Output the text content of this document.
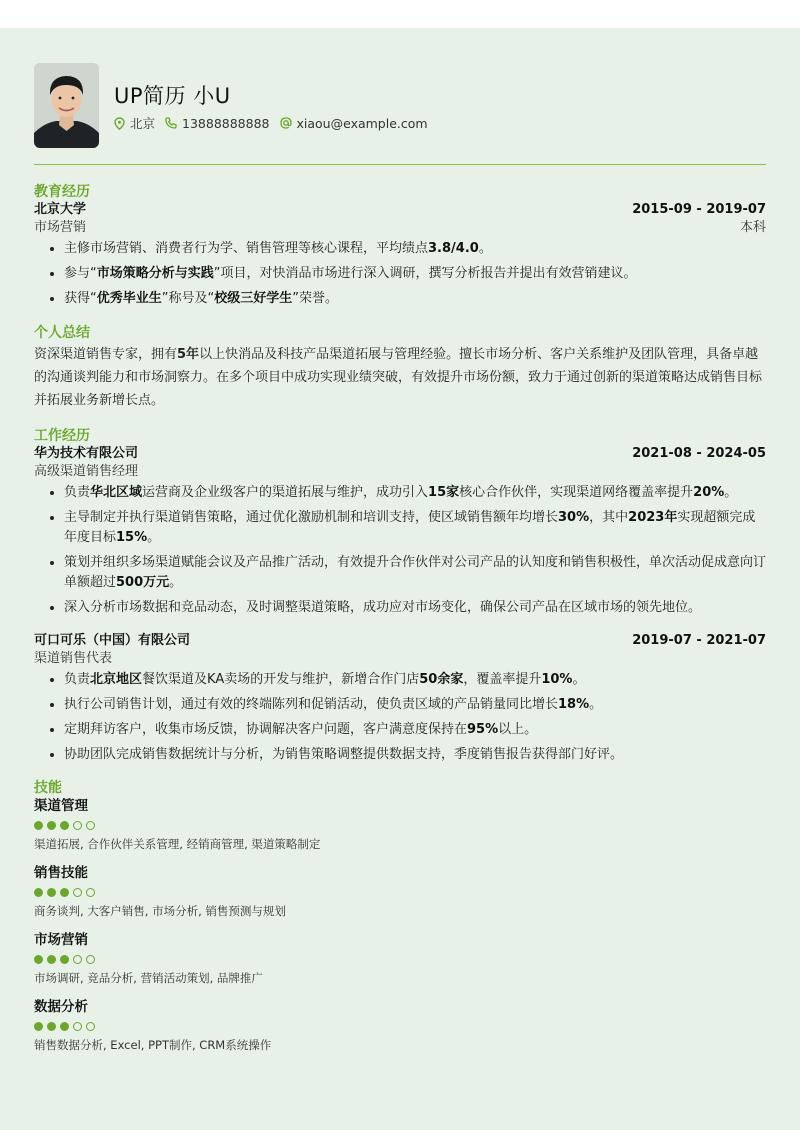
UP简历 小U
北京 13888888888 xiaou@example.com
教育经历
北京大学	2015-09 - 2019-07
市场营销	本科
• 主修市场营销、消费者行为学、销售管理等核心课程，平均绩点3.8/4.0。
• 参与“市场策略分析与实践”项目，对快消品市场进行深入调研，撰写分析报告并提出有效营销建议。
• 获得“优秀毕业生”称号及“校级三好学生”荣誉。
个人总结

资深渠道销售专家，拥有5年以上快消品及科技产品渠道拓展与管理经验。擅长市场分析、客户关系维护及团队管理，具备卓越的沟通谈判能力和市场洞察力。在多个项目中成功实现业绩突破，有效提升市场份额，致力于通过创新的渠道策略达成销售目标并拓展业务新增长点。

工作经历
华为技术有限公司	2021-08 - 2024-05
高级渠道销售经理
• 负责华北区域运营商及企业级客户的渠道拓展与维护，成功引入15家核心合作伙伴，实现渠道网络覆盖率提升20%。
• 主导制定并执行渠道销售策略，通过优化激励机制和培训支持，使区域销售额年均增长30%，其中2023年实现超额完成年度目标15%。
• 策划并组织多场渠道赋能会议及产品推广活动，有效提升合作伙伴对公司产品的认知度和销售积极性，单次活动促成意向订单额超过500万元。
• 深入分析市场数据和竞品动态，及时调整渠道策略，成功应对市场变化，确保公司产品在区域市场的领先地位。
可口可乐（中国）有限公司	2019-07 - 2021-07
渠道销售代表
• 负责北京地区餐饮渠道及KA卖场的开发与维护，新增合作门店50余家，覆盖率提升10%。
• 执行公司销售计划，通过有效的终端陈列和促销活动，使负责区域的产品销量同比增长18%。
• 定期拜访客户，收集市场反馈，协调解决客户问题，客户满意度保持在95%以上。
• 协助团队完成销售数据统计与分析，为销售策略调整提供数据支持，季度销售报告获得部门好评。
技能
渠道管理
渠道拓展, 合作伙伴关系管理, 经销商管理, 渠道策略制定
销售技能
商务谈判, 大客户销售, 市场分析, 销售预测与规划
市场营销
市场调研, 竞品分析, 营销活动策划, 品牌推广
数据分析
销售数据分析, Excel, PPT制作, CRM系统操作
